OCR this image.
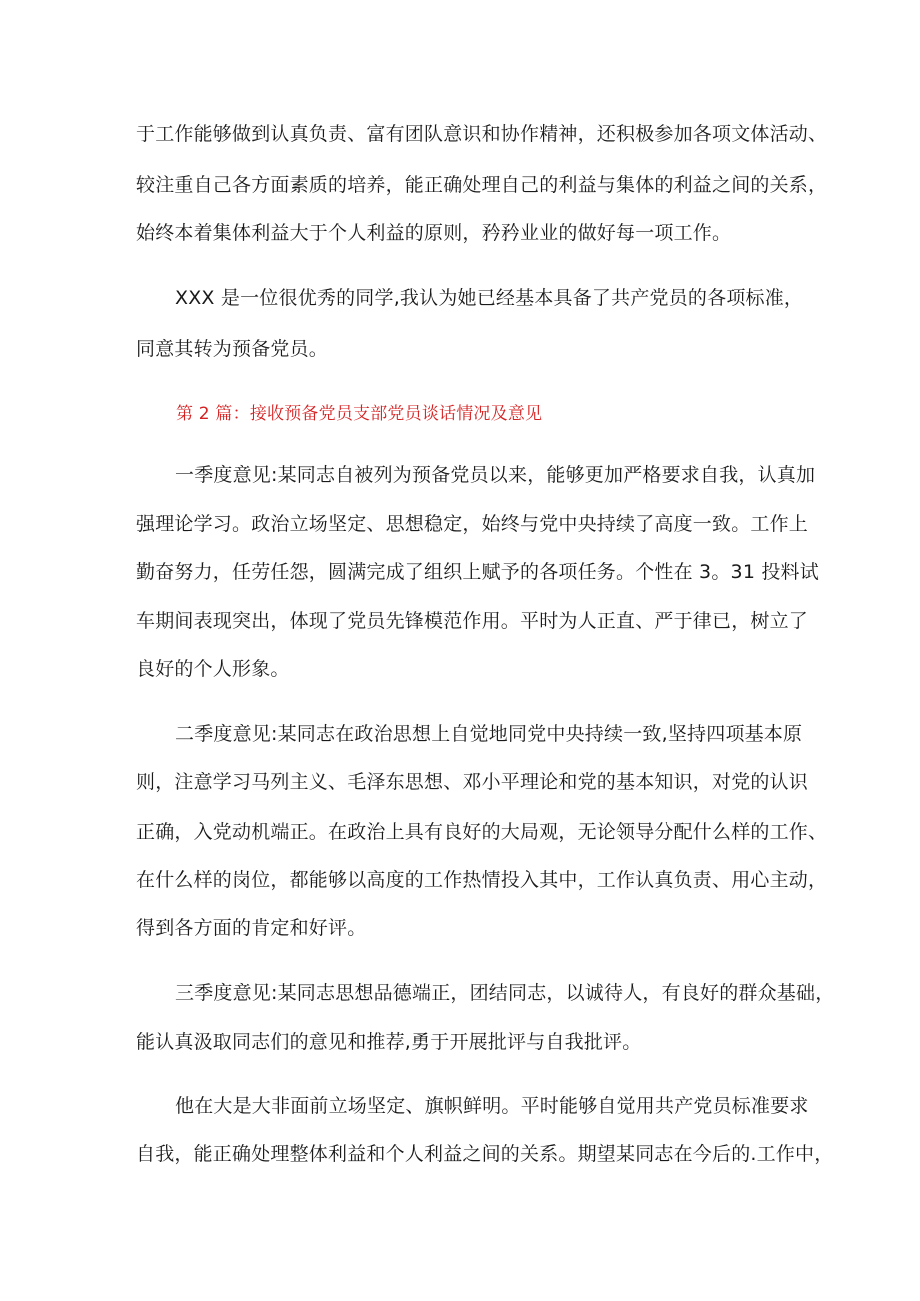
于工作能够做到认真负责、富有团队意识和协作精神，还积极参加各项文体活动、
较注重自己各方面素质的培养，能正确处理自己的利益与集体的利益之间的关系，
始终本着集体利益大于个人利益的原则，矜矜业业的做好每一项工作。
XXX 是一位很优秀的同学,我认为她已经基本具备了共产党员的各项标准，
同意其转为预备党员。
第 2 篇：接收预备党员支部党员谈话情况及意见
一季度意见:某同志自被列为预备党员以来，能够更加严格要求自我，认真加
强理论学习。政治立场坚定、思想稳定，始终与党中央持续了高度一致。工作上
勤奋努力，任劳任怨，圆满完成了组织上赋予的各项任务。个性在 3。31 投料试
车期间表现突出，体现了党员先锋模范作用。平时为人正直、严于律已，树立了
良好的个人形象。
二季度意见:某同志在政治思想上自觉地同党中央持续一致,坚持四项基本原
则，注意学习马列主义、毛泽东思想、邓小平理论和党的基本知识，对党的认识
正确，入党动机端正。在政治上具有良好的大局观，无论领导分配什么样的工作、
在什么样的岗位，都能够以高度的工作热情投入其中，工作认真负责、用心主动，
得到各方面的肯定和好评。
三季度意见:某同志思想品德端正，团结同志，以诚待人，有良好的群众基础，
能认真汲取同志们的意见和推荐,勇于开展批评与自我批评。
他在大是大非面前立场坚定、旗帜鲜明。平时能够自觉用共产党员标准要求
自我，能正确处理整体利益和个人利益之间的关系。期望某同志在今后的.工作中，
